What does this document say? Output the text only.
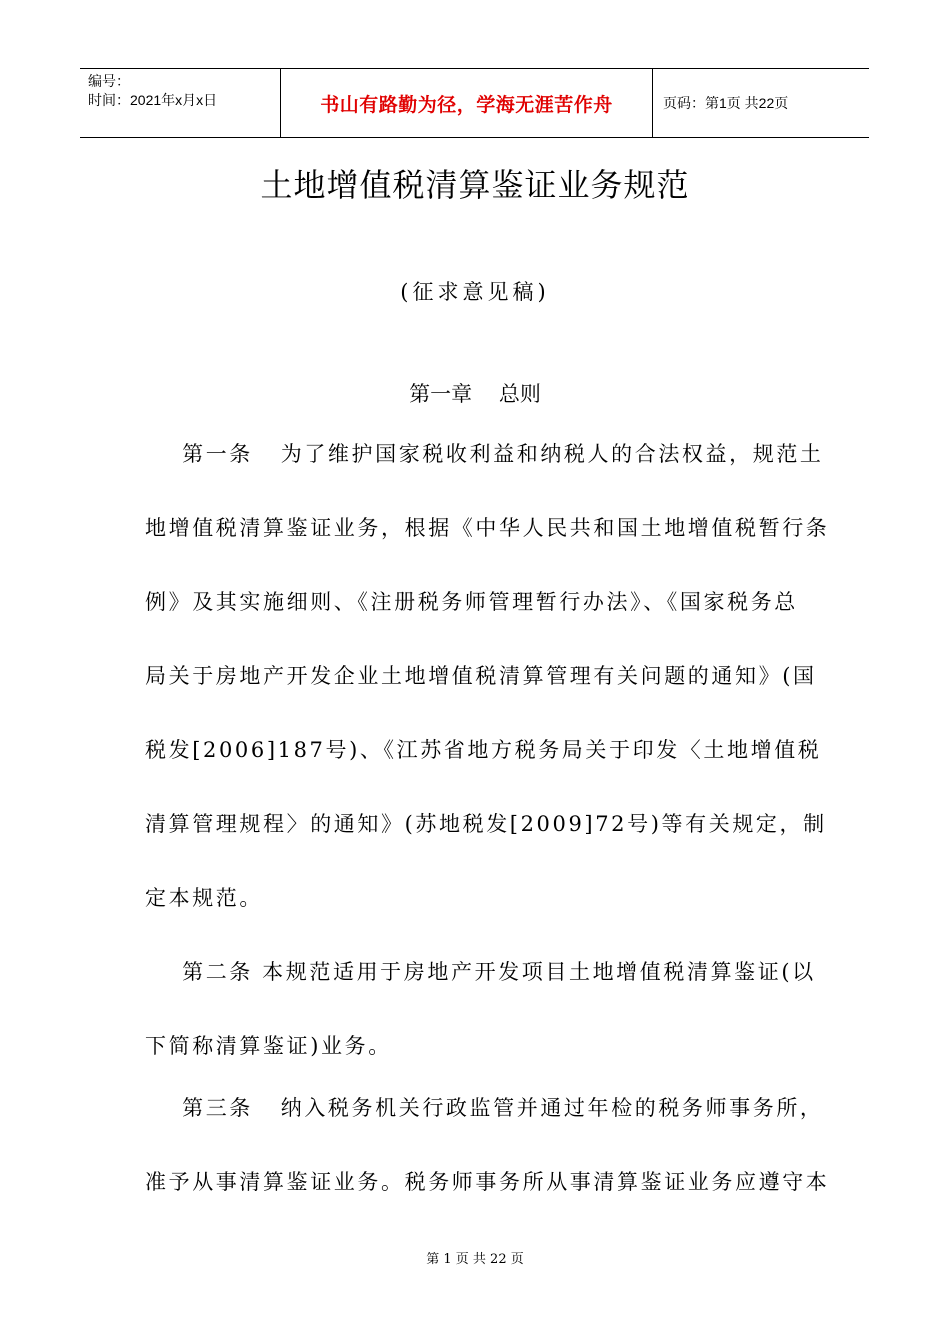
编号：
时间：2021年x月x日	书山有路勤为径，学海无涯苦作舟	页码：第1页 共22页
土地增值税清算鉴证业务规范
(征求意见稿)
第一章    总则
第一条   为了维护国家税收利益和纳税人的合法权益，规范土
地增值税清算鉴证业务，根据《中华人民共和国土地增值税暂行条
例》及其实施细则、《注册税务师管理暂行办法》、《国家税务总
局关于房地产开发企业土地增值税清算管理有关问题的通知》(国
税发[2006]187号)、《江苏省地方税务局关于印发〈土地增值税
清算管理规程〉的通知》(苏地税发[2009]72号)等有关规定，制
定本规范。
第二条 本规范适用于房地产开发项目土地增值税清算鉴证(以
下简称清算鉴证)业务。
第三条   纳入税务机关行政监管并通过年检的税务师事务所，
准予从事清算鉴证业务。税务师事务所从事清算鉴证业务应遵守本
第 1 页 共 22 页
